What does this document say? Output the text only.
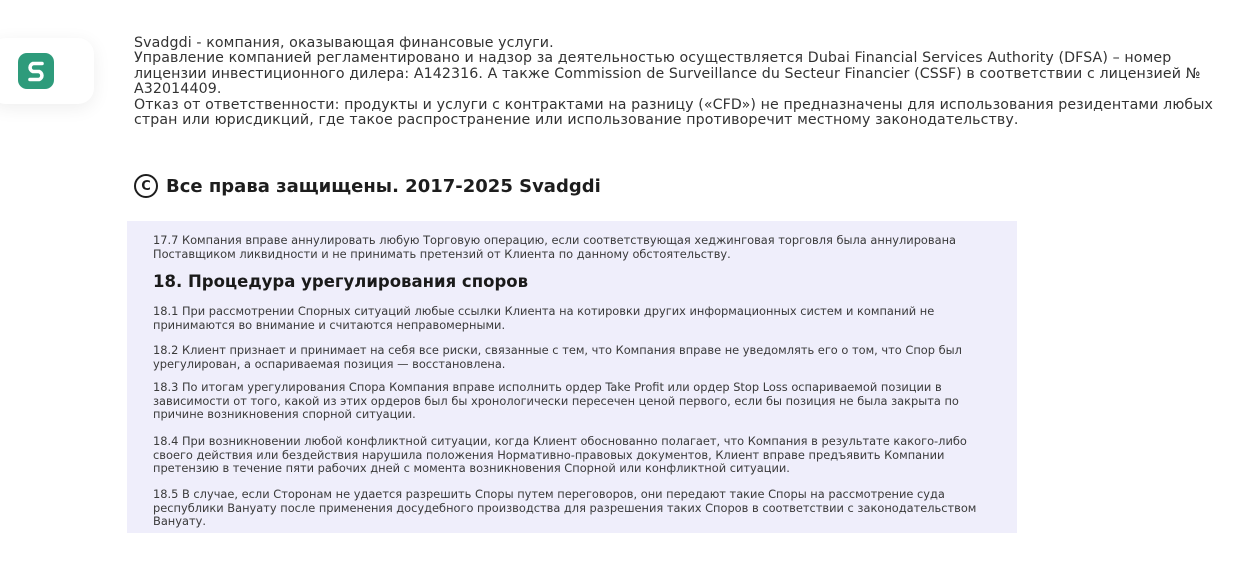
Svadgdi - компания, оказывающая финансовые услуги.
Управление компанией регламентировано и надзор за деятельностью осуществляется Dubai Financial Services Authority (DFSA) – номер лицензии инвестиционного дилера: A142316. А также Commission de Surveillance du Secteur Financier (CSSF) в соответствии с лицензией № A32014409.
Отказ от ответственности: продукты и услуги с контрактами на разницу («CFD») не предназначены для использования резидентами любых стран или юрисдикций, где такое распространение или использование противоречит местному законодательству.
C Все права защищены. 2017-2025 Svadgdi
17.7 Компания вправе аннулировать любую Торговую операцию, если соответствующая хеджинговая торговля была аннулирована Поставщиком ликвидности и не принимать претензий от Клиента по данному обстоятельству.
18. Процедура урегулирования споров
18.1 При рассмотрении Спорных ситуаций любые ссылки Клиента на котировки других информационных систем и компаний не принимаются во внимание и считаются неправомерными.
18.2 Клиент признает и принимает на себя все риски, связанные с тем, что Компания вправе не уведомлять его о том, что Спор был урегулирован, а оспариваемая позиция — восстановлена.
18.3 По итогам урегулирования Спора Компания вправе исполнить ордер Take Profit или ордер Stop Loss оспариваемой позиции в зависимости от того, какой из этих ордеров был бы хронологически пересечен ценой первого, если бы позиция не была закрыта по причине возникновения спорной ситуации.
18.4 При возникновении любой конфликтной ситуации, когда Клиент обоснованно полагает, что Компания в результате какого-либо своего действия или бездействия нарушила положения Нормативно-правовых документов, Клиент вправе предъявить Компании претензию в течение пяти рабочих дней с момента возникновения Спорной или конфликтной ситуации.
18.5 В случае, если Сторонам не удается разрешить Споры путем переговоров, они передают такие Споры на рассмотрение суда республики Вануату после применения досудебного производства для разрешения таких Споров в соответствии с законодательством Вануату.
